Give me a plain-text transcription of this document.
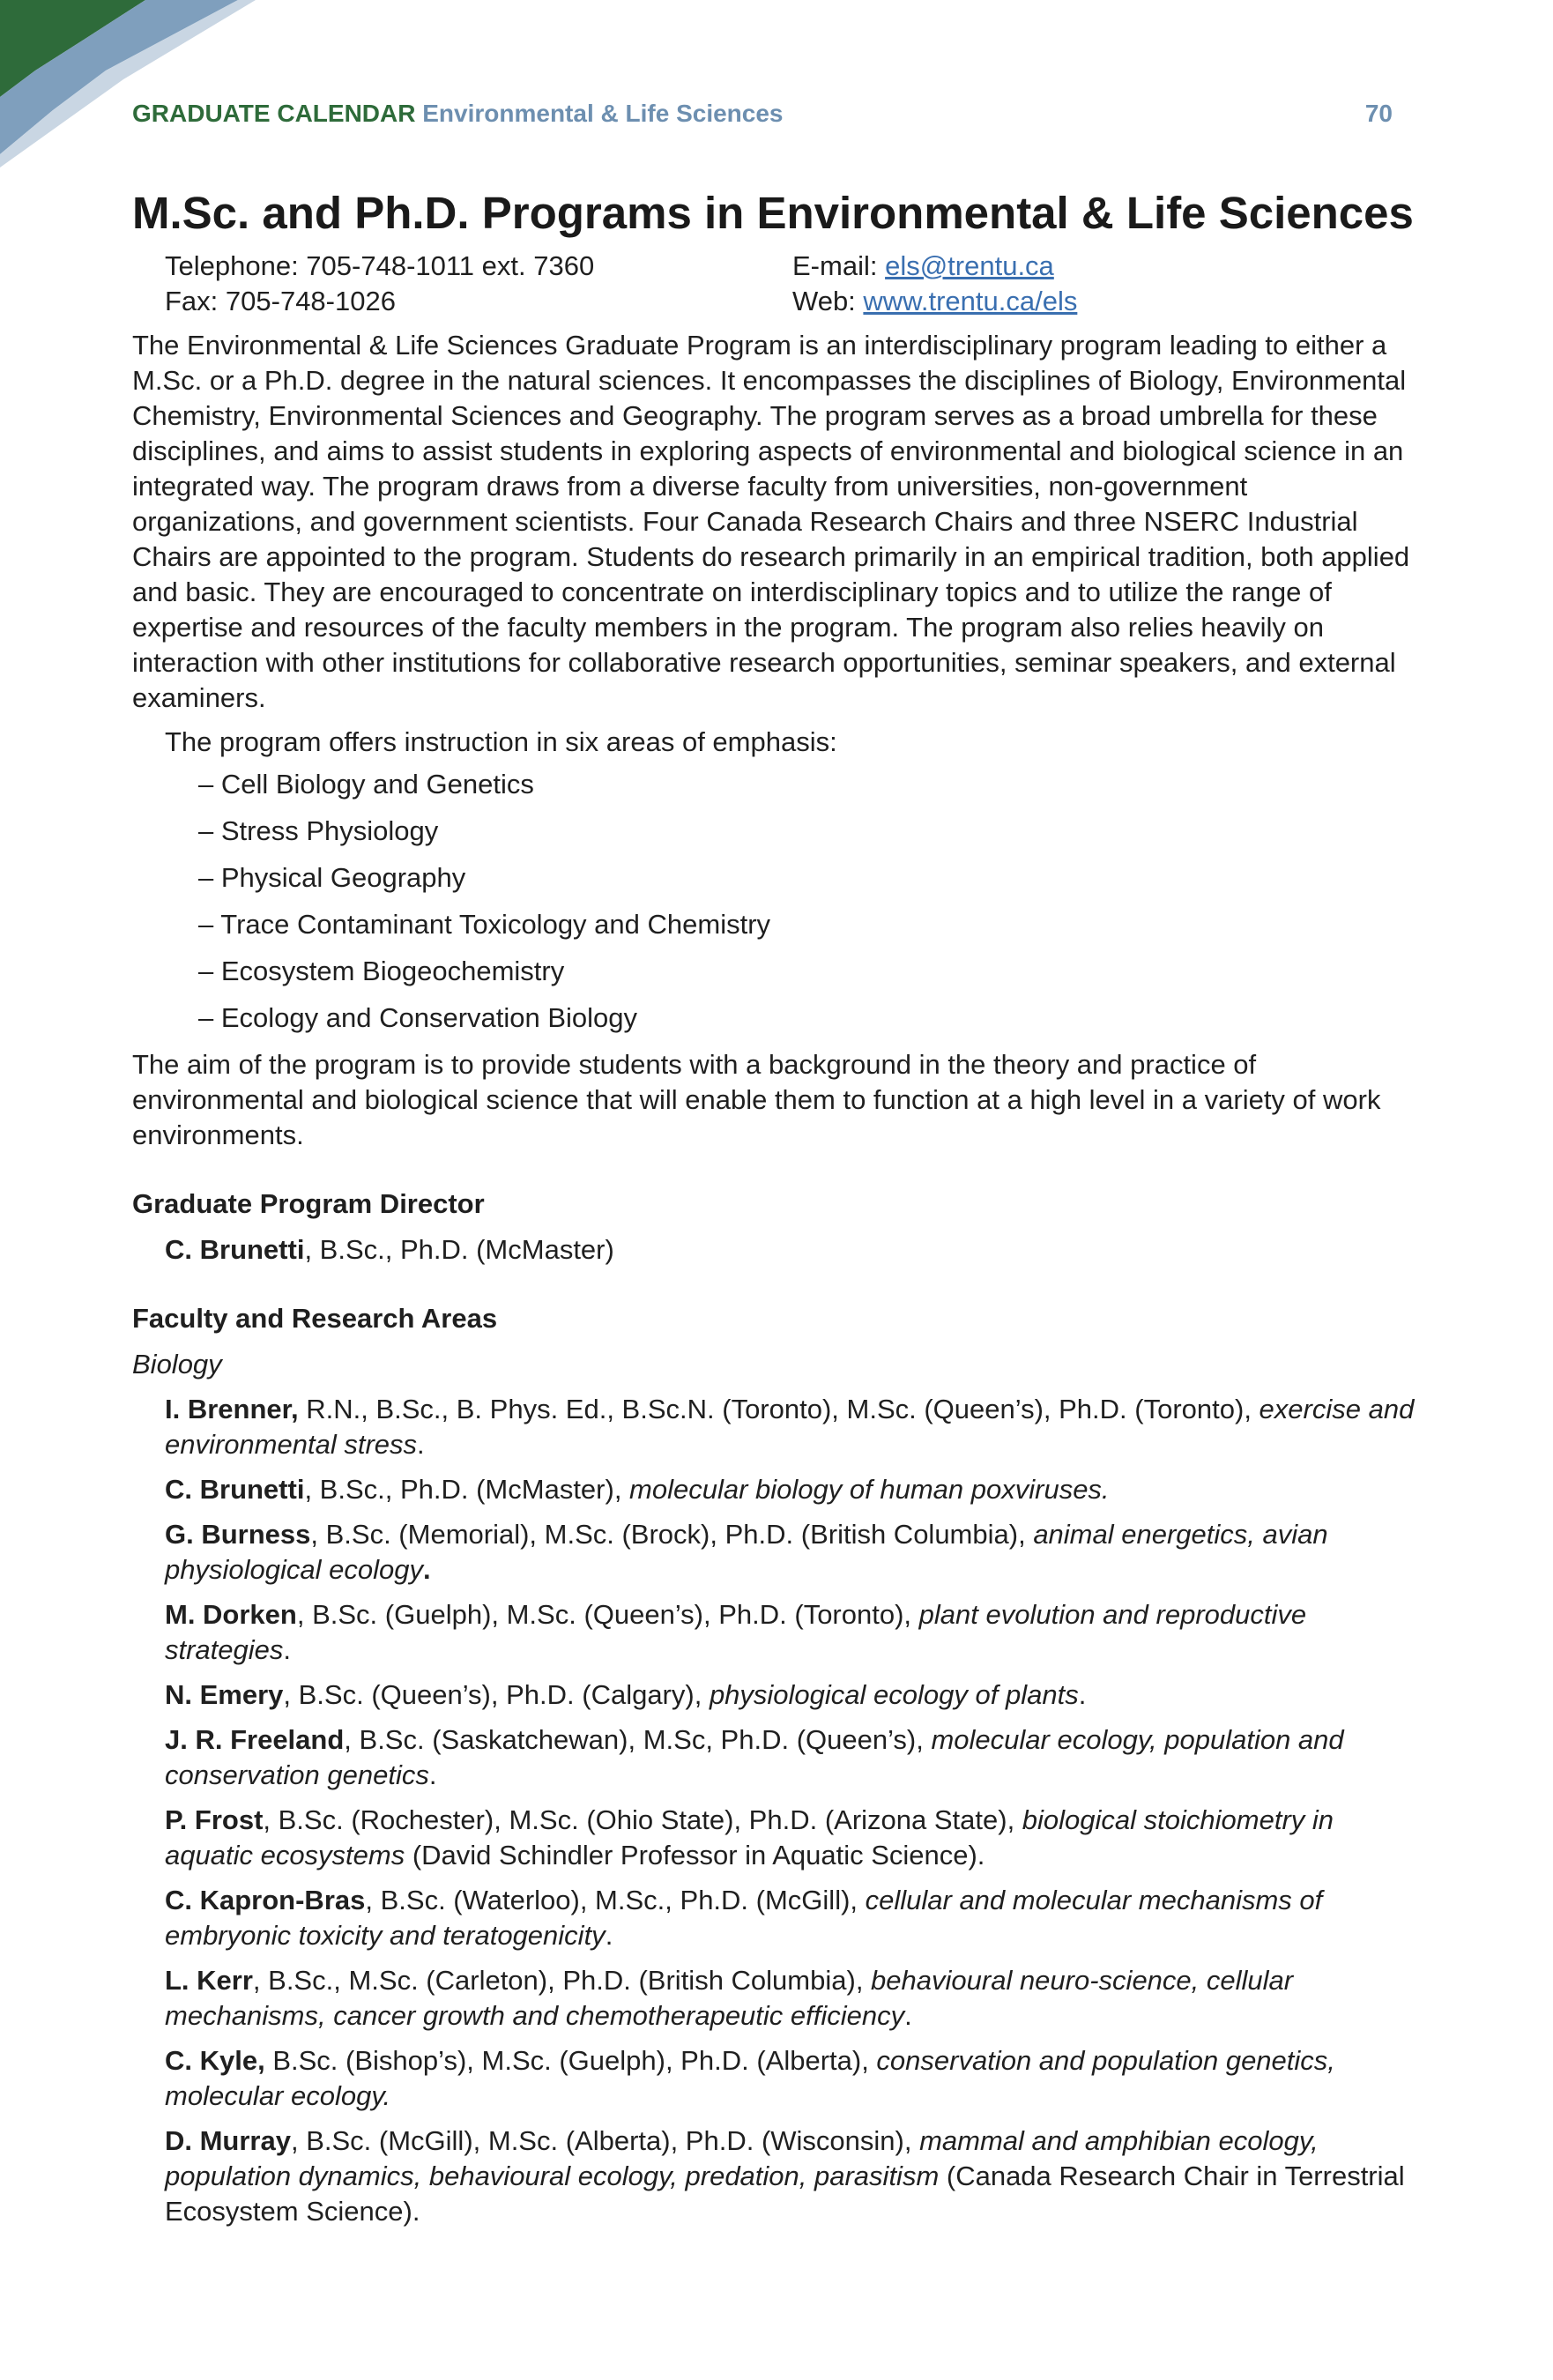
GRADUATE CALENDAR Environmental & Life Sciences	70
M.Sc. and Ph.D. Programs in Environmental & Life Sciences
Telephone: 705-748-1011 ext. 7360	E-mail: els@trentu.ca
Fax: 705-748-1026	Web: www.trentu.ca/els

The Environmental & Life Sciences Graduate Program is an interdisciplinary program leading to either a M.Sc. or a Ph.D. degree in the natural sciences. It encompasses the disciplines of Biology, Environmental Chemistry, Environmental Sciences and Geography. The program serves as a broad umbrella for these disciplines, and aims to assist students in exploring aspects of environmental and biological science in an integrated way. The program draws from a diverse faculty from universities, non-government organizations, and government scientists. Four Canada Research Chairs and three NSERC Industrial Chairs are appointed to the program. Students do research primarily in an empirical tradition, both applied and basic. They are encouraged to concentrate on interdisciplinary topics and to utilize the range of expertise and resources of the faculty members in the program. The program also relies heavily on interaction with other institutions for collaborative research opportunities, seminar speakers, and external examiners.

The program offers instruction in six areas of emphasis:

– Cell Biology and Genetics
– Stress Physiology
– Physical Geography
– Trace Contaminant Toxicology and Chemistry
– Ecosystem Biogeochemistry
– Ecology and Conservation Biology

The aim of the program is to provide students with a background in the theory and practice of environmental and biological science that will enable them to function at a high level in a variety of work environments.

Graduate Program Director

C. Brunetti, B.Sc., Ph.D. (McMaster)

Faculty and Research Areas

Biology

I. Brenner, R.N., B.Sc., B. Phys. Ed., B.Sc.N. (Toronto), M.Sc. (Queen’s), Ph.D. (Toronto), exercise and environmental stress.

C. Brunetti, B.Sc., Ph.D. (McMaster), molecular biology of human poxviruses.

G. Burness, B.Sc. (Memorial), M.Sc. (Brock), Ph.D. (British Columbia), animal energetics, avian physiological ecology.

M. Dorken, B.Sc. (Guelph), M.Sc. (Queen’s), Ph.D. (Toronto), plant evolution and reproductive strategies.

N. Emery, B.Sc. (Queen’s), Ph.D. (Calgary), physiological ecology of plants.

J. R. Freeland, B.Sc. (Saskatchewan), M.Sc, Ph.D. (Queen’s), molecular ecology, population and conservation genetics.

P. Frost, B.Sc. (Rochester), M.Sc. (Ohio State), Ph.D. (Arizona State), biological stoichiometry in aquatic ecosystems (David Schindler Professor in Aquatic Science).

C. Kapron-Bras, B.Sc. (Waterloo), M.Sc., Ph.D. (McGill), cellular and molecular mechanisms of embryonic toxicity and teratogenicity.

L. Kerr, B.Sc., M.Sc. (Carleton), Ph.D. (British Columbia), behavioural neuro-science, cellular mechanisms, cancer growth and chemotherapeutic efficiency.

C. Kyle, B.Sc. (Bishop’s), M.Sc. (Guelph), Ph.D. (Alberta), conservation and population genetics, molecular ecology.

D. Murray, B.Sc. (McGill), M.Sc. (Alberta), Ph.D. (Wisconsin), mammal and amphibian ecology, population dynamics, behavioural ecology, predation, parasitism (Canada Research Chair in Terrestrial Ecosystem Science).
